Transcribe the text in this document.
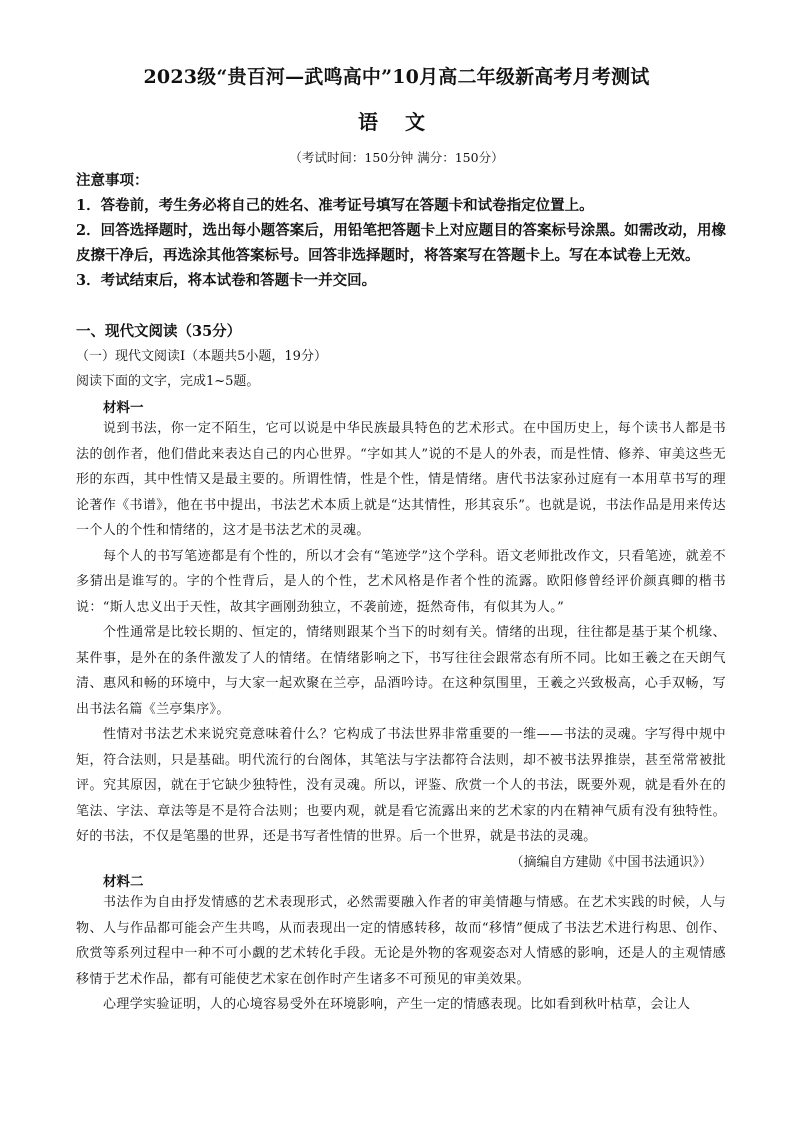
2023级“贵百河—武鸣高中”10月高二年级新高考月考测试
语 文
（考试时间：150分钟 满分：150分）
注意事项：
1．答卷前，考生务必将自己的姓名、准考证号填写在答题卡和试卷指定位置上。
2．回答选择题时，选出每小题答案后，用铅笔把答题卡上对应题目的答案标号涂黑。如需改动，用橡皮擦干净后，再选涂其他答案标号。回答非选择题时，将答案写在答题卡上。写在本试卷上无效。
3．考试结束后，将本试卷和答题卡一并交回。
一、现代文阅读（35分）
（一）现代文阅读Ⅰ（本题共5小题，19分）
阅读下面的文字，完成1~5题。
材料一
说到书法，你一定不陌生，它可以说是中华民族最具特色的艺术形式。在中国历史上，每个读书人都是书法的创作者，他们借此来表达自己的内心世界。“字如其人”说的不是人的外表，而是性情、修养、审美这些无形的东西，其中性情又是最主要的。所谓性情，性是个性，情是情绪。唐代书法家孙过庭有一本用草书写的理论著作《书谱》，他在书中提出，书法艺术本质上就是“达其情性，形其哀乐”。也就是说，书法作品是用来传达一个人的个性和情绪的，这才是书法艺术的灵魂。
每个人的书写笔迹都是有个性的，所以才会有“笔迹学”这个学科。语文老师批改作文，只看笔迹，就差不多猜出是谁写的。字的个性背后，是人的个性，艺术风格是作者个性的流露。欧阳修曾经评价颜真卿的楷书说：“斯人忠义出于天性，故其字画刚劲独立，不袭前迹，挺然奇伟，有似其为人。”
个性通常是比较长期的、恒定的，情绪则跟某个当下的时刻有关。情绪的出现，往往都是基于某个机缘、某件事，是外在的条件激发了人的情绪。在情绪影响之下，书写往往会跟常态有所不同。比如王羲之在天朗气清、惠风和畅的环境中，与大家一起欢聚在兰亭，品酒吟诗。在这种氛围里，王羲之兴致极高，心手双畅，写出书法名篇《兰亭集序》。
性情对书法艺术来说究竟意味着什么？它构成了书法世界非常重要的一维——书法的灵魂。字写得中规中矩，符合法则，只是基础。明代流行的台阁体，其笔法与字法都符合法则，却不被书法界推崇，甚至常常被批评。究其原因，就在于它缺少独特性，没有灵魂。所以，评鉴、欣赏一个人的书法，既要外观，就是看外在的笔法、字法、章法等是不是符合法则；也要内观，就是看它流露出来的艺术家的内在精神气质有没有独特性。好的书法，不仅是笔墨的世界，还是书写者性情的世界。后一个世界，就是书法的灵魂。
（摘编自方建勋《中国书法通识》）
材料二
书法作为自由抒发情感的艺术表现形式，必然需要融入作者的审美情趣与情感。在艺术实践的时候，人与物、人与作品都可能会产生共鸣，从而表现出一定的情感转移，故而“移情”便成了书法艺术进行构思、创作、欣赏等系列过程中一种不可小觑的艺术转化手段。无论是外物的客观姿态对人情感的影响，还是人的主观情感移情于艺术作品，都有可能使艺术家在创作时产生诸多不可预见的审美效果。
心理学实验证明，人的心境容易受外在环境影响，产生一定的情感表现。比如看到秋叶枯草，会让人
